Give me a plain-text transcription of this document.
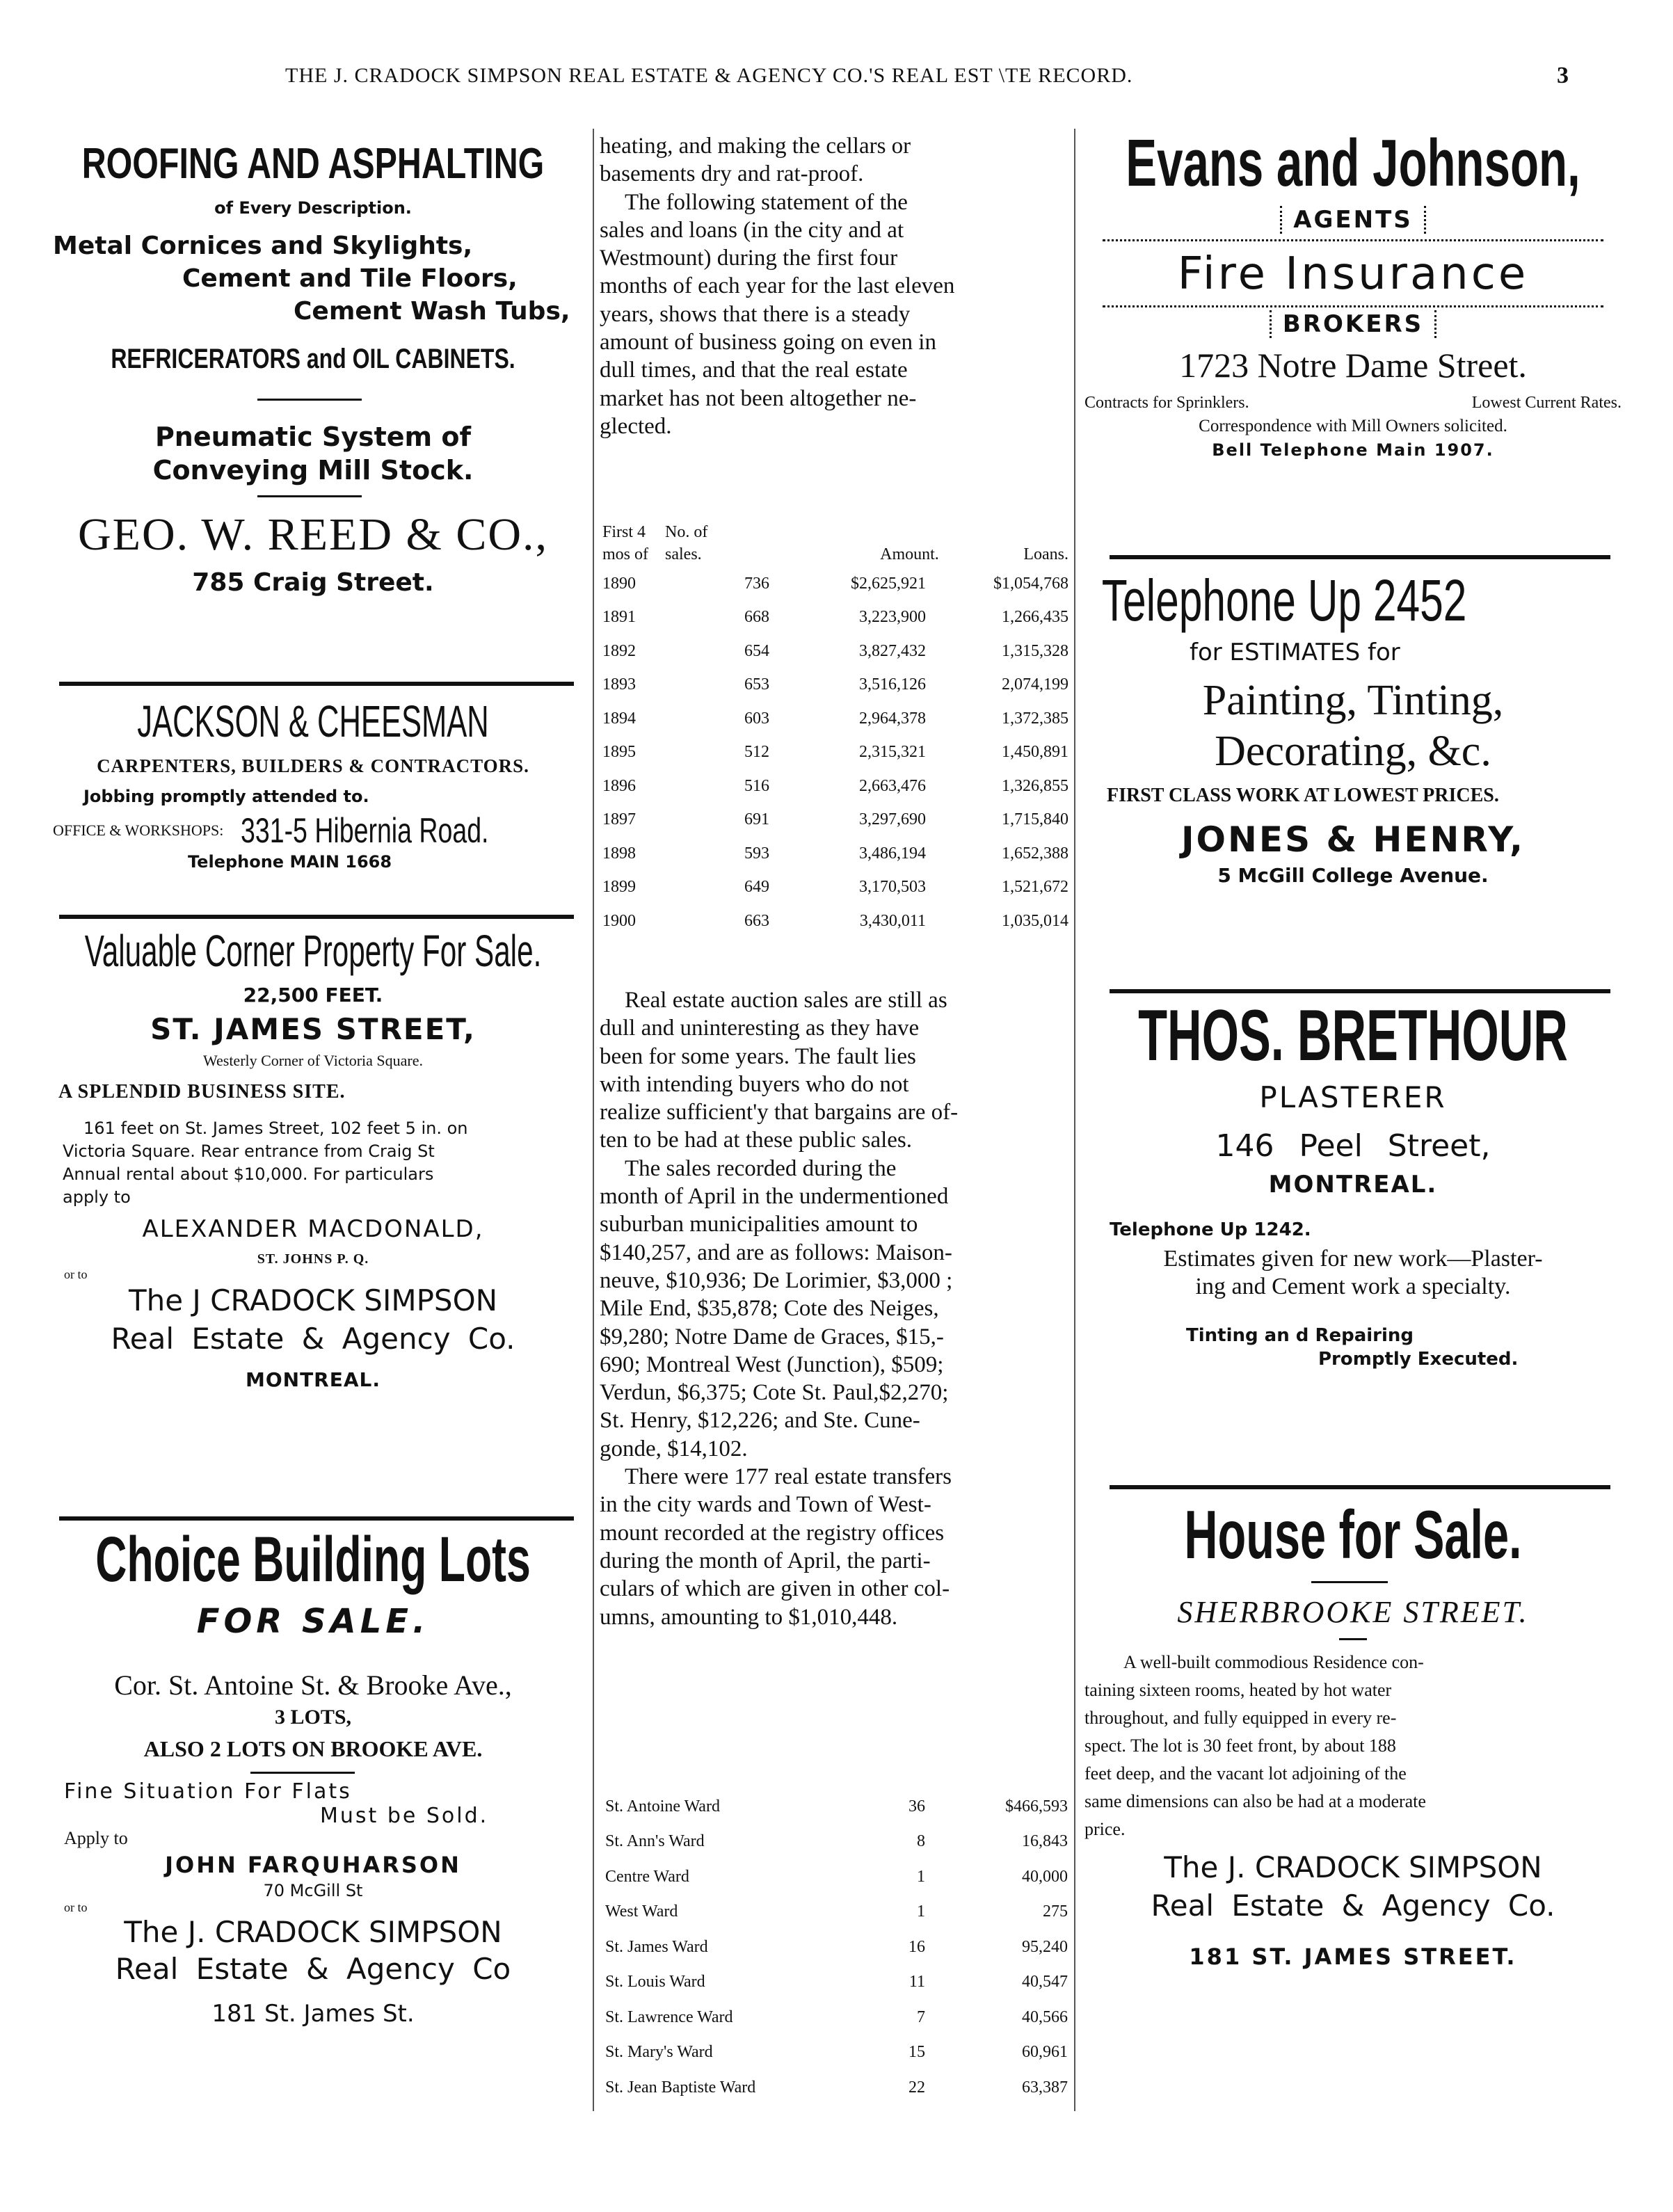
THE J. CRADOCK SIMPSON REAL ESTATE & AGENCY CO.'S REAL EST \TE RECORD.	3
ROOFING AND ASPHALTING
of Every Description.
Metal Cornices and Skylights,
Cement and Tile Floors,
Cement Wash Tubs,
REFRICERATORS and OIL CABINETS.
Pneumatic System of
Conveying Mill Stock.
GEO. W. REED & CO.,
785 Craig Street.
JACKSON & CHEESMAN
CARPENTERS, BUILDERS & CONTRACTORS.
Jobbing promptly attended to.
OFFICE & WORKSHOPS: 331-5 Hibernia Road.
Telephone MAIN 1668
Valuable Corner Property For Sale.
22,500 FEET.
ST. JAMES STREET,
Westerly Corner of Victoria Square.
A SPLENDID BUSINESS SITE.
161 feet on St. James Street, 102 feet 5 in. on
Victoria Square. Rear entrance from Craig St
Annual rental about $10,000. For particulars
apply to
ALEXANDER MACDONALD,
ST. JOHNS P. Q.
or to
The J CRADOCK SIMPSON
Real Estate & Agency Co.
MONTREAL.
Choice Building Lots
FOR SALE.
Cor. St. Antoine St. & Brooke Ave.,
3 LOTS,
ALSO 2 LOTS ON BROOKE AVE.
Fine Situation For Flats
Must be Sold.
Apply to
JOHN FARQUHARSON
70 McGill St
or to
The J. CRADOCK SIMPSON
Real Estate & Agency Co
181 St. James St.
heating, and making the cellars or
basements dry and rat-proof.
The following statement of the
sales and loans (in the city and at
Westmount) during the first four
months of each year for the last eleven
years, shows that there is a steady
amount of business going on even in
dull times, and that the real estate
market has not been altogether ne-
glected.
First 4	No. of		
mos of	sales.	Amount.	Loans.
1890	736	$2,625,921	$1,054,768
1891	668	3,223,900	1,266,435
1892	654	3,827,432	1,315,328
1893	653	3,516,126	2,074,199
1894	603	2,964,378	1,372,385
1895	512	2,315,321	1,450,891
1896	516	2,663,476	1,326,855
1897	691	3,297,690	1,715,840
1898	593	3,486,194	1,652,388
1899	649	3,170,503	1,521,672
1900	663	3,430,011	1,035,014
Real estate auction sales are still as
dull and uninteresting as they have
been for some years. The fault lies
with intending buyers who do not
realize sufficient'y that bargains are of-
ten to be had at these public sales.
The sales recorded during the
month of April in the undermentioned
suburban municipalities amount to
$140,257, and are as follows: Maison-
neuve, $10,936; De Lorimier, $3,000 ;
Mile End, $35,878; Cote des Neiges,
$9,280; Notre Dame de Graces, $15,-
690; Montreal West (Junction), $509;
Verdun, $6,375; Cote St. Paul,$2,270;
St. Henry, $12,226; and Ste. Cune-
gonde, $14,102.
There were 177 real estate transfers
in the city wards and Town of West-
mount recorded at the registry offices
during the month of April, the parti-
culars of which are given in other col-
umns, amounting to $1,010,448.
St. Antoine Ward	36	$466,593
St. Ann's Ward	8	16,843
Centre Ward	1	40,000
West Ward	1	275
St. James Ward	16	95,240
St. Louis Ward	11	40,547
St. Lawrence Ward	7	40,566
St. Mary's Ward	15	60,961
St. Jean Baptiste Ward	22	63,387
Evans and Johnson,
AGENTS
Fire Insurance
BROKERS
1723 Notre Dame Street.
Contracts for Sprinklers.	Lowest Current Rates.
Correspondence with Mill Owners solicited.
Bell Telephone Main 1907.
Telephone Up 2452
for ESTIMATES for
Painting, Tinting,
Decorating, &c.
FIRST CLASS WORK AT LOWEST PRICES.
JONES & HENRY,
5 McGill College Avenue.
THOS. BRETHOUR
PLASTERER
146 Peel Street,
MONTREAL.
Telephone Up 1242.
Estimates given for new work—Plaster-
ing and Cement work a specialty.
Tinting an d Repairing
Promptly Executed.
House for Sale.
SHERBROOKE STREET.
A well-built commodious Residence con-
taining sixteen rooms, heated by hot water
throughout, and fully equipped in every re-
spect. The lot is 30 feet front, by about 188
feet deep, and the vacant lot adjoining of the
same dimensions can also be had at a moderate
price.
The J. CRADOCK SIMPSON
Real Estate & Agency Co.
181 ST. JAMES STREET.
